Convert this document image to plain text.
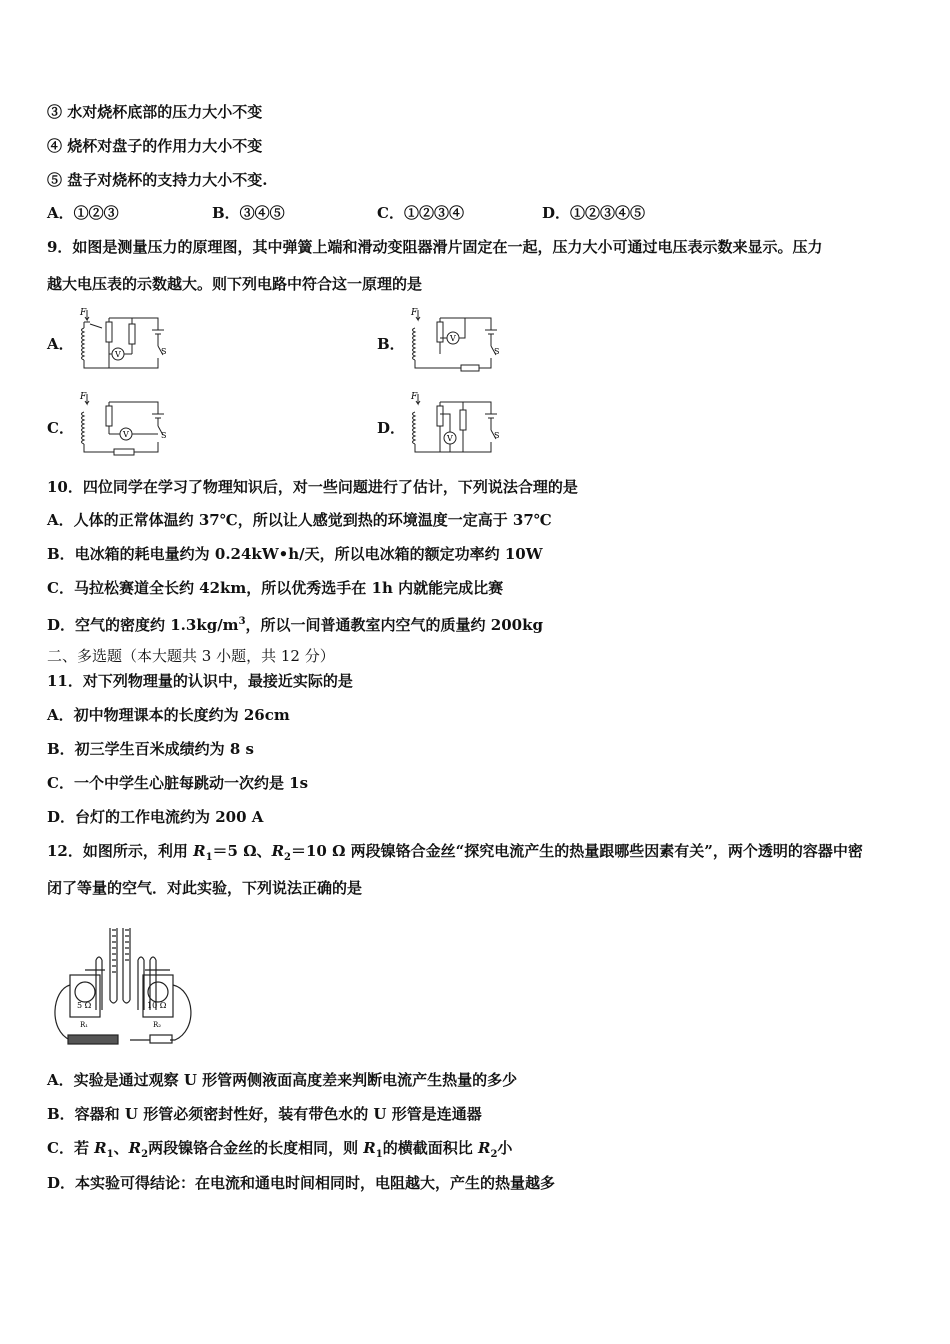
③ 水对烧杯底部的压力大小不变
④ 烧杯对盘子的作用力大小不变
⑤ 盘子对烧杯的支持力大小不变.
A．①②③	B．③④⑤	C．①②③④	D．①②③④⑤
9．如图是测量压力的原理图，其中弹簧上端和滑动变阻器滑片固定在一起，压力大小可通过电压表示数来显示。压力
越大电压表的示数越大。则下列电路中符合这一原理的是
A．	B．
C．	D．
F
V	S
F
V
S
F
V	S
F
V	S
10．四位同学在学习了物理知识后，对一些问题进行了估计，下列说法合理的是
A．人体的正常体温约 37℃，所以让人感觉到热的环境温度一定高于 37℃
B．电冰箱的耗电量约为 0.24kW•h/天，所以电冰箱的额定功率约 10W
C．马拉松赛道全长约 42km，所以优秀选手在 1h 内就能完成比赛
D．空气的密度约 $1.3kg/m^3$，所以一间普通教室内空气的质量约 200kg
二、多选题（本大题共 3 小题，共 12 分）
11．对下列物理量的认识中，最接近实际的是
A．初中物理课本的长度约为 26cm
B．初三学生百米成绩约为 8 s
C．一个中学生心脏每跳动一次约是 1s
D．台灯的工作电流约为 200 A
12．如图所示，利用 $R_1=5$ Ω、$R_2=10$ Ω 两段镍铬合金丝“探究电流产生的热量跟哪些因素有关”，两个透明的容器中密
闭了等量的空气．对此实验，下列说法正确的是
5 Ω	10 Ω
R₁	R₂
A．实验是通过观察 U 形管两侧液面高度差来判断电流产生热量的多少
B．容器和 U 形管必须密封性好，装有带色水的 U 形管是连通器
C．若 $R_1$、$R_2$两段镍铬合金丝的长度相同，则 $R_1$的横截面积比 $R_2$小
D．本实验可得结论：在电流和通电时间相同时，电阻越大，产生的热量越多
